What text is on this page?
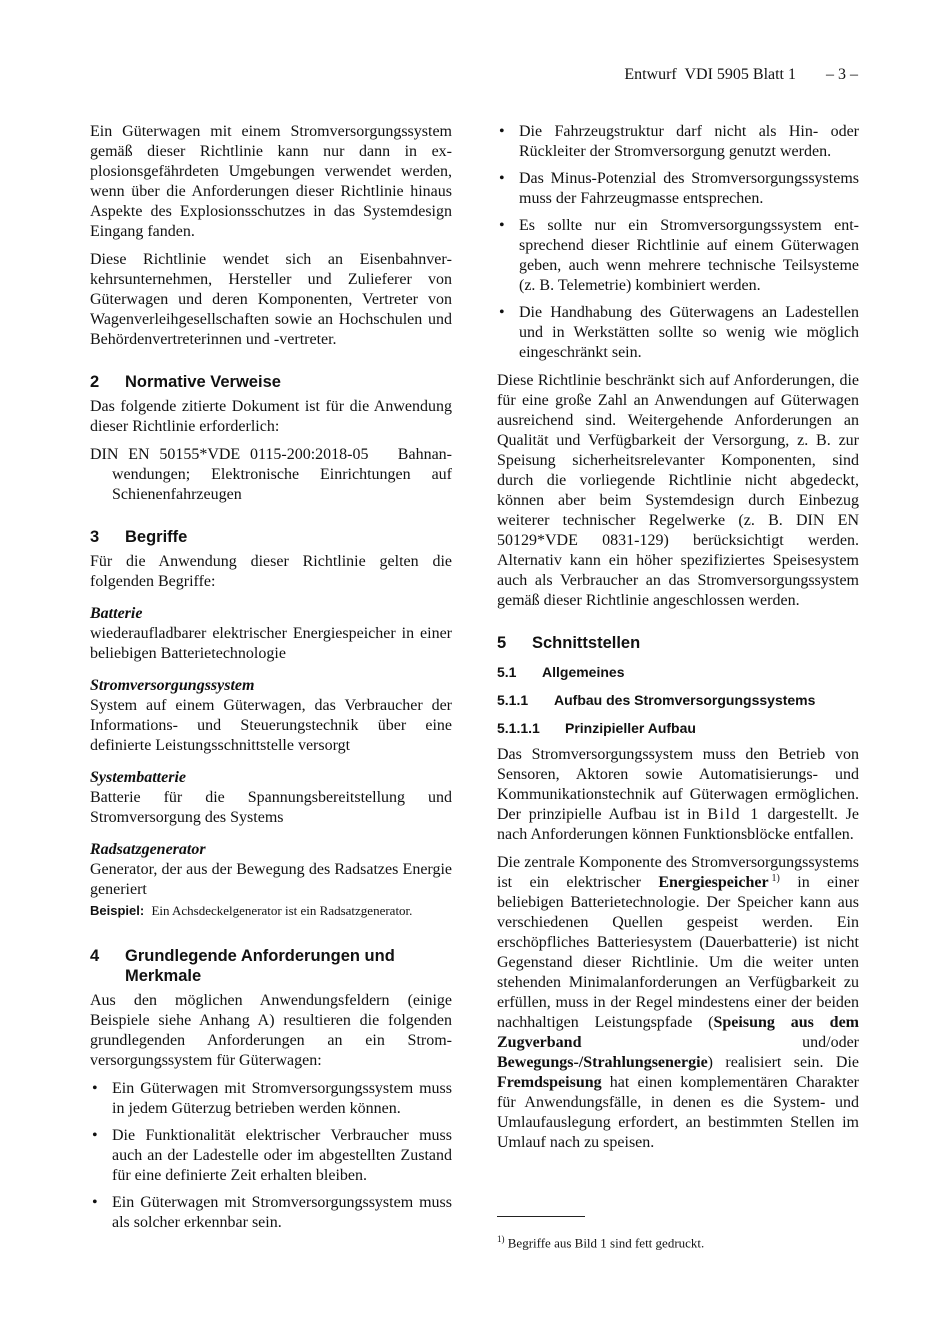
Entwurf  VDI 5905 Blatt 1 – 3 –

Ein Güterwagen mit einem Stromversorgungssystem gemäß dieser Richtlinie kann nur dann in explosionsgefährdeten Umgebungen verwendet werden, wenn über die Anforderungen dieser Richtlinie hinaus Aspekte des Explosionsschutzes in das Systemdesign Eingang fanden.

Diese Richtlinie wendet sich an Eisenbahnverkehrsunternehmen, Hersteller und Zulieferer von Güterwagen und deren Komponenten, Vertreter von Wagenverleihgesellschaften sowie an Hochschulen und Behördenvertreterinnen und -vertreter.

2	Normative Verweise

Das folgende zitierte Dokument ist für die Anwendung dieser Richtlinie erforderlich:

DIN EN 50155*VDE 0115-200:2018-05   Bahnanwendungen; Elektronische Einrichtungen auf Schienenfahrzeugen

3	Begriffe

Für die Anwendung dieser Richtlinie gelten die folgenden Begriffe:

Batterie
wiederaufladbarer elektrischer Energiespeicher in einer beliebigen Batterietechnologie
Stromversorgungssystem
System auf einem Güterwagen, das Verbraucher der Informations- und Steuerungstechnik über eine definierte Leistungsschnittstelle versorgt
Systembatterie
Batterie für die Spannungsbereitstellung und Stromversorgung des Systems
Radsatzgenerator
Generator, der aus der Bewegung des Radsatzes Energie generiert
Beispiel: Ein Achsdeckelgenerator ist ein Radsatzgenerator.
4	Grundlegende Anforderungen und Merkmale

Aus den möglichen Anwendungsfeldern (einige Beispiele siehe Anhang A) resultieren die folgenden grundlegenden Anforderungen an ein Stromversorgungssystem für Güterwagen:

• Ein Güterwagen mit Stromversorgungssystem muss in jedem Güterzug betrieben werden können.
• Die Funktionalität elektrischer Verbraucher muss auch an der Ladestelle oder im abgestellten Zustand für eine definierte Zeit erhalten bleiben.
• Ein Güterwagen mit Stromversorgungssystem muss als solcher erkennbar sein.
• Die Fahrzeugstruktur darf nicht als Hin- oder Rückleiter der Stromversorgung genutzt werden.
• Das Minus-Potenzial des Stromversorgungssystems muss der Fahrzeugmasse entsprechen.
• Es sollte nur ein Stromversorgungssystem entsprechend dieser Richtlinie auf einem Güterwagen geben, auch wenn mehrere technische Teilsysteme (z. B. Telemetrie) kombiniert werden.
• Die Handhabung des Güterwagens an Ladestellen und in Werkstätten sollte so wenig wie möglich eingeschränkt sein.

Diese Richtlinie beschränkt sich auf Anforderungen, die für eine große Zahl an Anwendungen auf Güterwagen ausreichend sind. Weitergehende Anforderungen an Qualität und Verfügbarkeit der Versorgung, z. B. zur Speisung sicherheitsrelevanter Komponenten, sind durch die vorliegende Richtlinie nicht abgedeckt, können aber beim Systemdesign durch Einbezug weiterer technischer Regelwerke (z. B. DIN EN 50129*VDE 0831-129) berücksichtigt werden. Alternativ kann ein höher spezifiziertes Speisesystem auch als Verbraucher an das Stromversorgungssystem gemäß dieser Richtlinie angeschlossen werden.

5	Schnittstellen
5.1	Allgemeines
5.1.1	Aufbau des Stromversorgungssystems
5.1.1.1	Prinzipieller Aufbau

Das Stromversorgungssystem muss den Betrieb von Sensoren, Aktoren sowie Automatisierungs- und Kommunikationstechnik auf Güterwagen ermöglichen. Der prinzipielle Aufbau ist in Bild 1 dargestellt. Je nach Anforderungen können Funktionsblöcke entfallen.

Die zentrale Komponente des Stromversorgungssystems ist ein elektrischer Energiespeicher $^{1)}$ in einer beliebigen Batterietechnologie. Der Speicher kann aus verschiedenen Quellen gespeist werden. Ein erschöpfliches Batteriesystem (Dauerbatterie) ist nicht Gegenstand dieser Richtlinie. Um die weiter unten stehenden Minimalanforderungen an Verfügbarkeit zu erfüllen, muss in der Regel mindestens einer der beiden nachhaltigen Leistungspfade (Speisung aus dem Zugverband	und/oder Bewegungs-/Strahlungsenergie) realisiert sein. Die Fremdspeisung hat einen komplementären Charakter für Anwendungsfälle, in denen es die System- und Umlaufauslegung erfordert, an bestimmten Stellen im Umlauf nach zu speisen.

$^{1)}$ Begriffe aus Bild 1 sind fett gedruckt.
